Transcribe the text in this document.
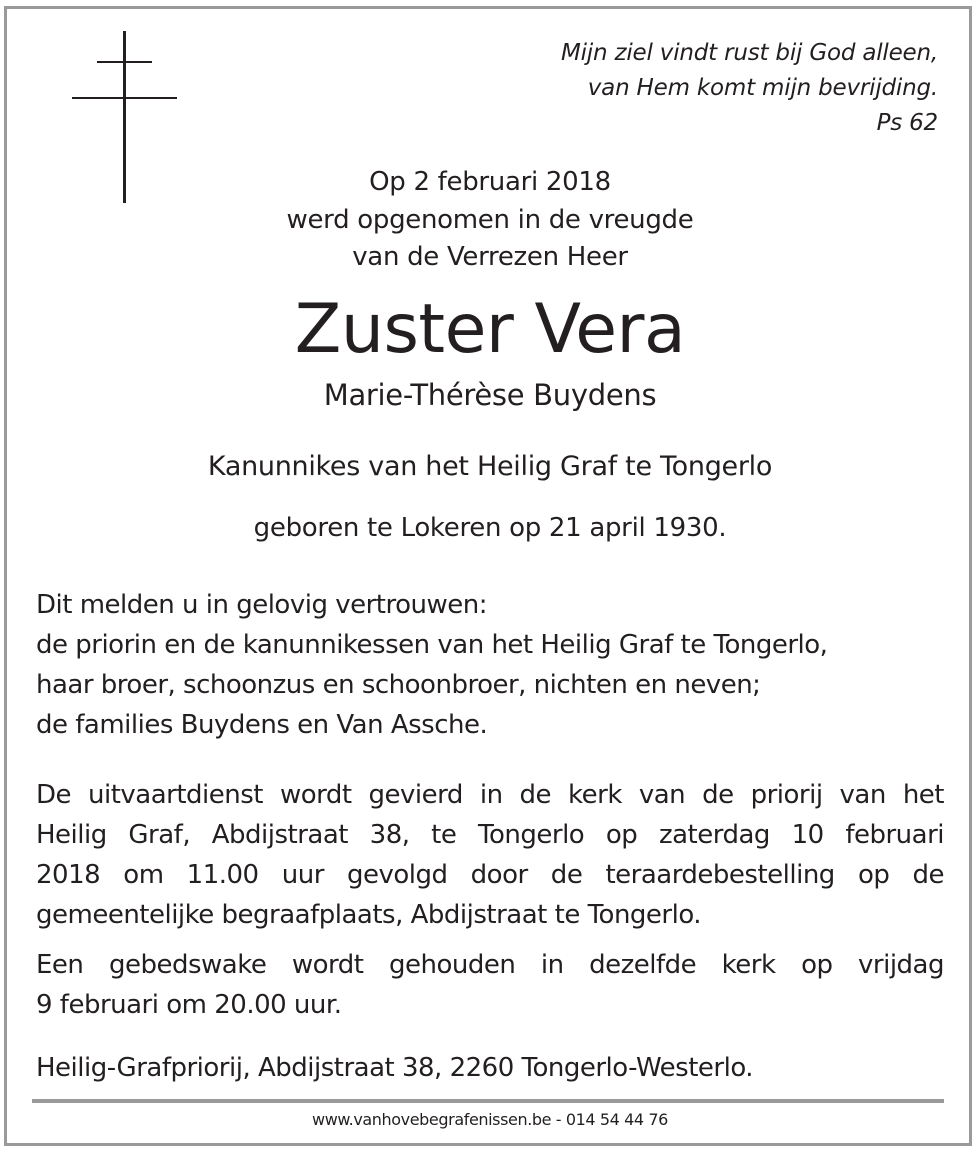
Mijn ziel vindt rust bij God alleen,
van Hem komt mijn bevrijding.
Ps 62
Op 2 februari 2018
werd opgenomen in de vreugde
van de Verrezen Heer
Zuster Vera
Marie-Thérèse Buydens
Kanunnikes van het Heilig Graf te Tongerlo
geboren te Lokeren op 21 april 1930.
Dit melden u in gelovig vertrouwen:
de priorin en de kanunnikessen van het Heilig Graf te Tongerlo,
haar broer, schoonzus en schoonbroer, nichten en neven;
de families Buydens en Van Assche.
De uitvaartdienst wordt gevierd in de kerk van de priorij van het
Heilig Graf, Abdijstraat 38, te Tongerlo op zaterdag 10 februari
2018 om 11.00 uur gevolgd door de teraardebestelling op de
gemeentelijke begraafplaats, Abdijstraat te Tongerlo.
Een gebedswake wordt gehouden in dezelfde kerk op vrijdag
9 februari om 20.00 uur.
Heilig-Grafpriorij, Abdijstraat 38, 2260 Tongerlo-Westerlo.
www.vanhovebegrafenissen.be - 014 54 44 76
